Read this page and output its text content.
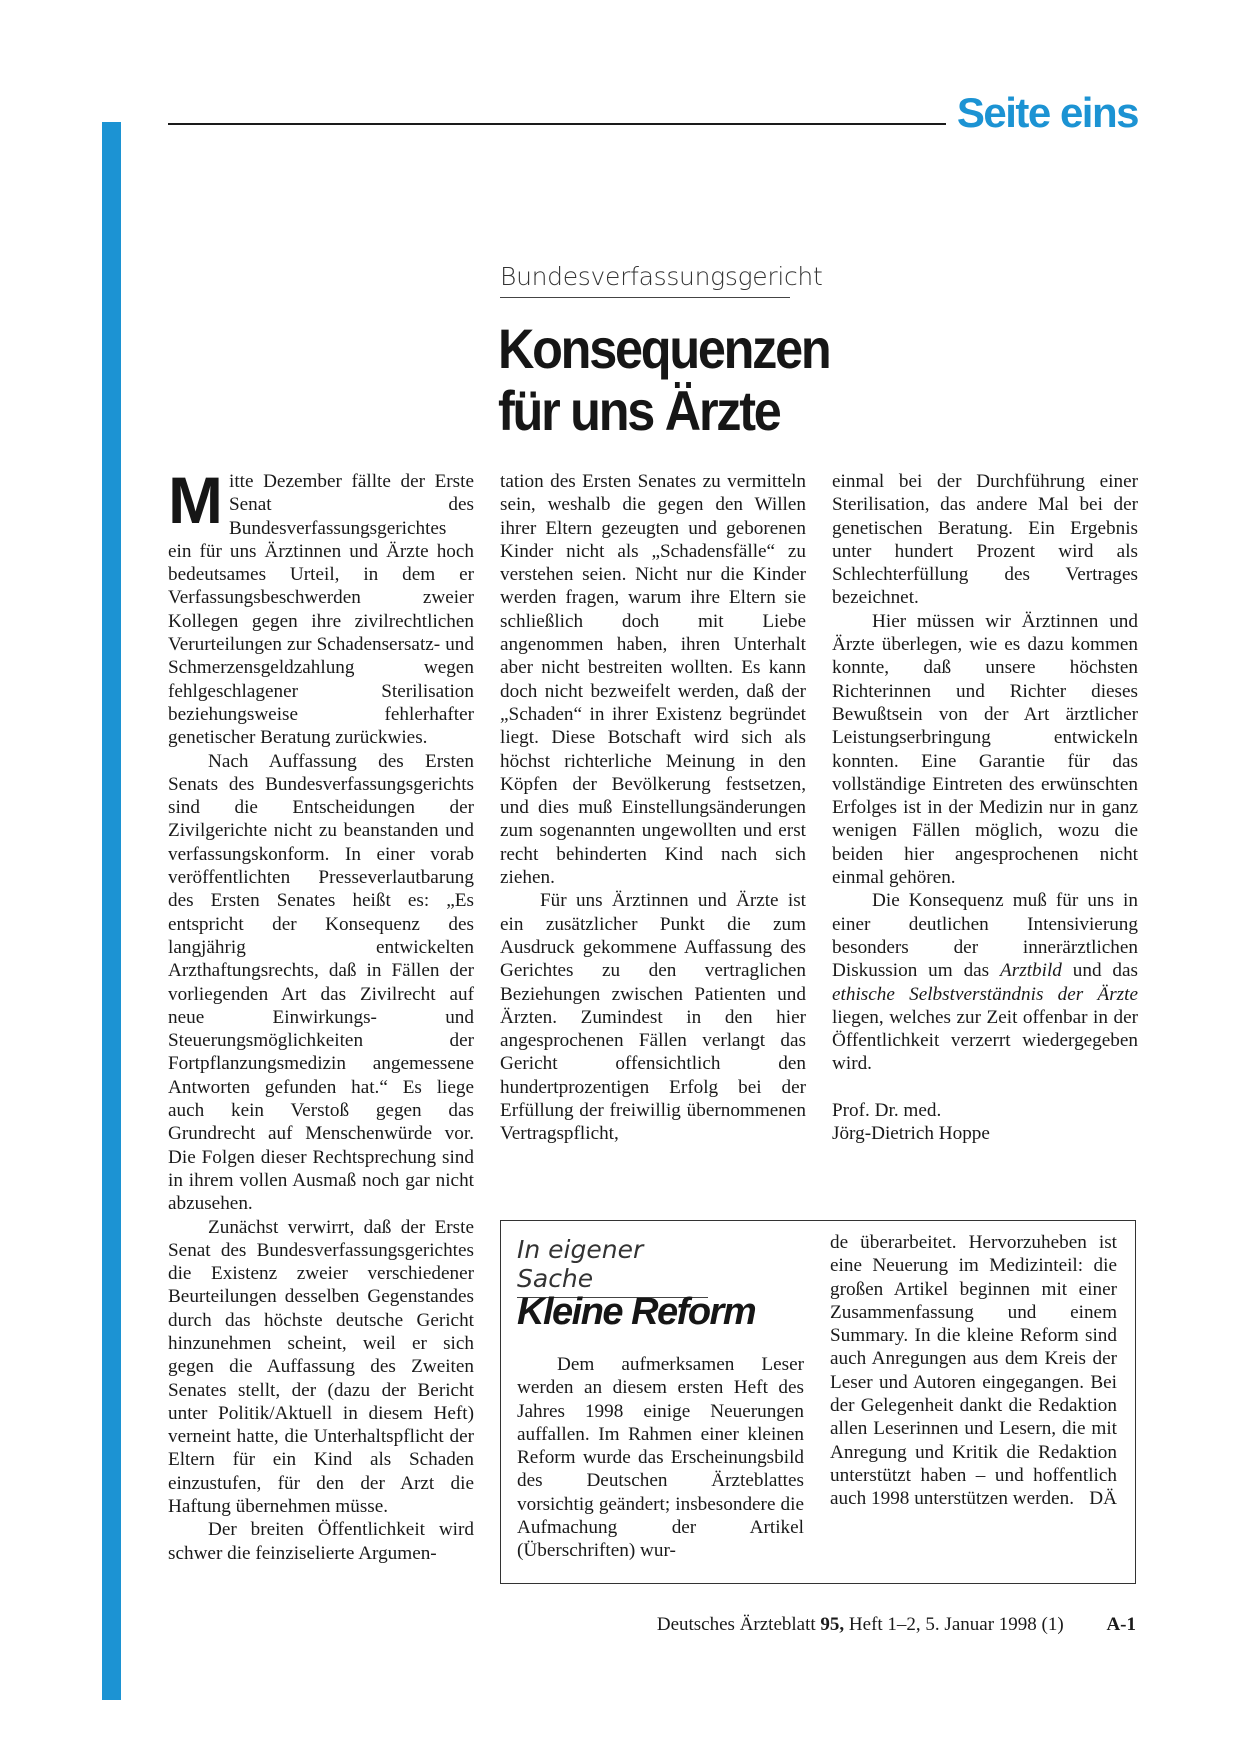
Seite eins
Bundesverfassungsgericht
Konsequenzen
für uns Ärzte

Mitte Dezember fällte der Erste Senat des Bundesverfassungsgerichtes ein für uns Ärztinnen und Ärzte hoch bedeutsames Urteil, in dem er Verfassungsbeschwerden zweier Kollegen gegen ihre zivilrechtlichen Verurteilungen zur Schadensersatz- und Schmerzensgeldzahlung wegen fehlgeschlagener Sterilisation beziehungsweise fehlerhafter genetischer Beratung zurückwies.

Nach Auffassung des Ersten Senats des Bundesverfassungsgerichts sind die Entscheidungen der Zivilgerichte nicht zu beanstanden und verfassungskonform. In einer vorab veröffentlichten Presseverlautbarung des Ersten Senates heißt es: „Es entspricht der Konsequenz des langjährig entwickelten Arzthaftungsrechts, daß in Fällen der vorliegenden Art das Zivilrecht auf neue Einwirkungs- und Steuerungsmöglichkeiten der Fortpflanzungsmedizin angemessene Antworten gefunden hat.“ Es liege auch kein Verstoß gegen das Grundrecht auf Menschenwürde vor. Die Folgen dieser Rechtsprechung sind in ihrem vollen Ausmaß noch gar nicht abzusehen.

Zunächst verwirrt, daß der Erste Senat des Bundesverfassungsgerichtes die Existenz zweier verschiedener Beurteilungen desselben Gegenstandes durch das höchste deutsche Gericht hinzunehmen scheint, weil er sich gegen die Auffassung des Zweiten Senates stellt, der (dazu der Bericht unter Politik/Aktuell in diesem Heft) verneint hatte, die Unterhaltspflicht der Eltern für ein Kind als Schaden einzustufen, für den der Arzt die Haftung übernehmen müsse.

Der breiten Öffentlichkeit wird schwer die feinziselierte Argumen-

tation des Ersten Senates zu vermitteln sein, weshalb die gegen den Willen ihrer Eltern gezeugten und geborenen Kinder nicht als „Schadensfälle“ zu verstehen seien. Nicht nur die Kinder werden fragen, warum ihre Eltern sie schließlich doch mit Liebe angenommen haben, ihren Unterhalt aber nicht bestreiten wollten. Es kann doch nicht bezweifelt werden, daß der „Schaden“ in ihrer Existenz begründet liegt. Diese Botschaft wird sich als höchst richterliche Meinung in den Köpfen der Bevölkerung festsetzen, und dies muß Einstellungsänderungen zum sogenannten ungewollten und erst recht behinderten Kind nach sich ziehen.

Für uns Ärztinnen und Ärzte ist ein zusätzlicher Punkt die zum Ausdruck gekommene Auffassung des Gerichtes zu den vertraglichen Beziehungen zwischen Patienten und Ärzten. Zumindest in den hier angesprochenen Fällen verlangt das Gericht offensichtlich den hundertprozentigen Erfolg bei der Erfüllung der freiwillig übernommenen Vertragspflicht,

einmal bei der Durchführung einer Sterilisation, das andere Mal bei der genetischen Beratung. Ein Ergebnis unter hundert Prozent wird als Schlechterfüllung des Vertrages bezeichnet.

Hier müssen wir Ärztinnen und Ärzte überlegen, wie es dazu kommen konnte, daß unsere höchsten Richterinnen und Richter dieses Bewußtsein von der Art ärztlicher Leistungserbringung entwickeln konnten. Eine Garantie für das vollständige Eintreten des erwünschten Erfolges ist in der Medizin nur in ganz wenigen Fällen möglich, wozu die beiden hier angesprochenen nicht einmal gehören.

Die Konsequenz muß für uns in einer deutlichen Intensivierung besonders der innerärztlichen Diskussion um das Arztbild und das ethische Selbstverständnis der Ärzte liegen, welches zur Zeit offenbar in der Öffentlichkeit verzerrt wiedergegeben wird.

Prof. Dr. med.
Jörg-Dietrich Hoppe
In eigener Sache
Kleine Reform

Dem aufmerksamen Leser werden an diesem ersten Heft des Jahres 1998 einige Neuerungen auffallen. Im Rahmen einer kleinen Reform wurde das Erscheinungsbild des Deutschen Ärzteblattes vorsichtig geändert; insbesondere die Aufmachung der Artikel (Überschriften) wur-

de überarbeitet. Hervorzuheben ist eine Neuerung im Medizinteil: die großen Artikel beginnen mit einer Zusammenfassung und einem Summary. In die kleine Reform sind auch Anregungen aus dem Kreis der Leser und Autoren eingegangen. Bei der Gelegenheit dankt die Redaktion allen Leserinnen und Lesern, die mit Anregung und Kritik die Redaktion unterstützt haben – und hoffentlich auch 1998 unterstützen werden. DÄ

Deutsches Ärzteblatt 95, Heft 1–2, 5. Januar 1998 (1) A-1
